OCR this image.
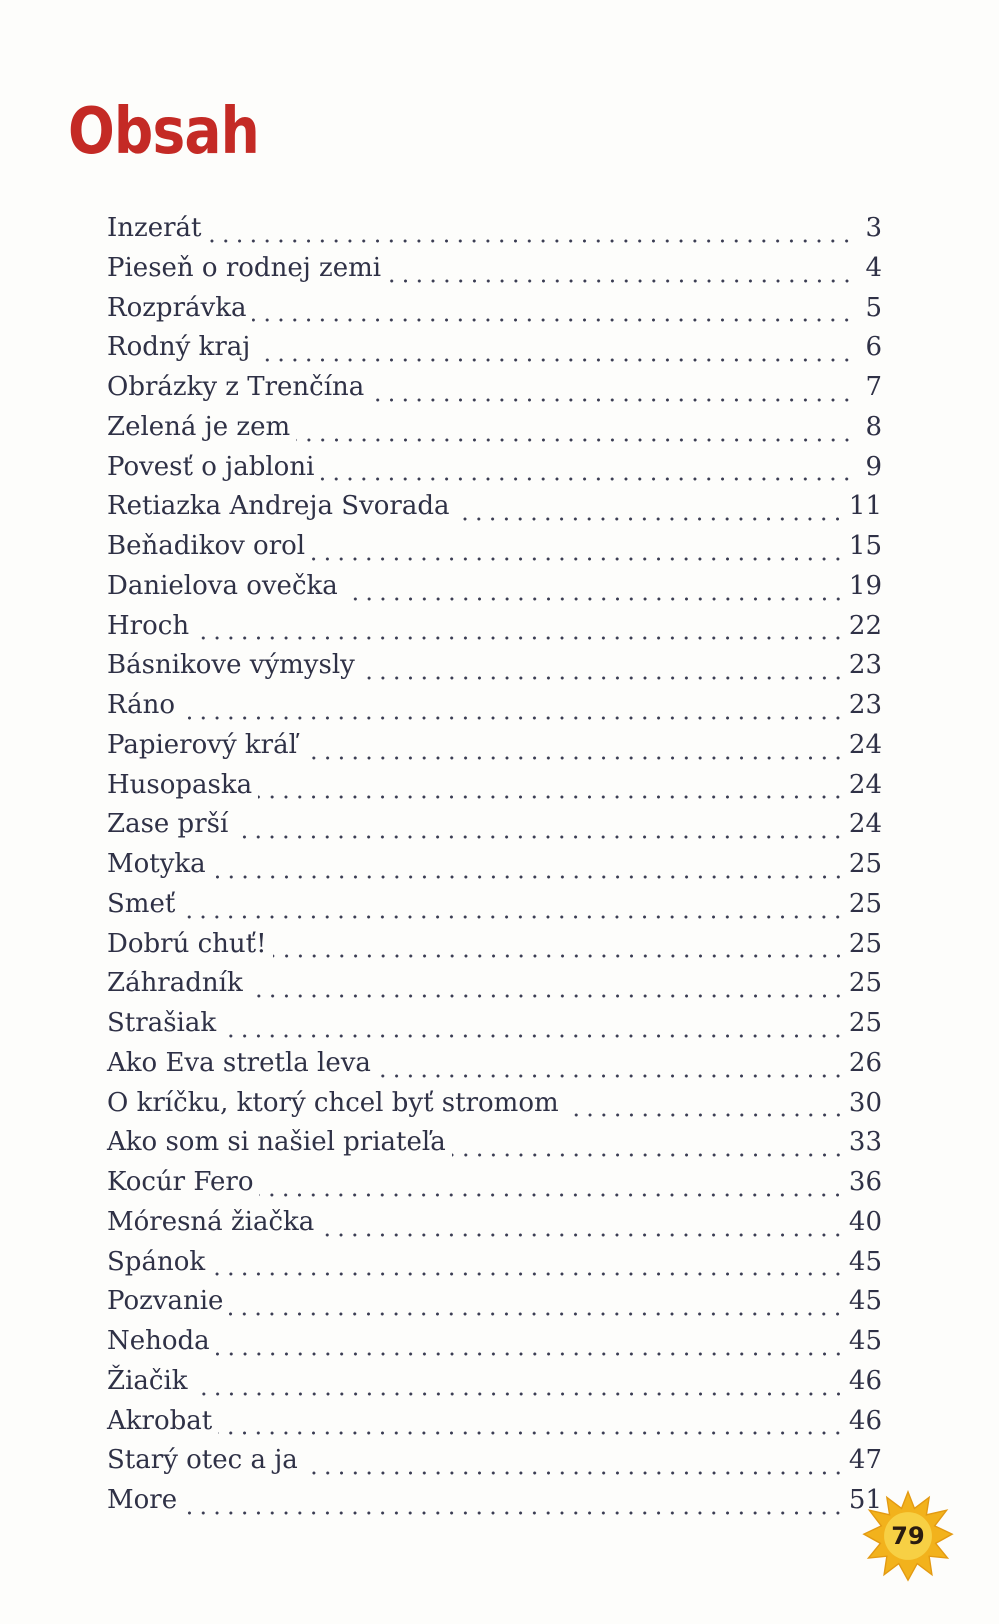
Obsah
Inzerát	3
Pieseň o rodnej zemi	4
Rozprávka	5
Rodný kraj	6
Obrázky z Trenčína	7
Zelená je zem	8
Povesť o jabloni	9
Retiazka Andreja Svorada	11
Beňadikov orol	15
Danielova ovečka	19
Hroch	22
Básnikove výmysly	23
Ráno	23
Papierový kráľ	24
Husopaska	24
Zase prší	24
Motyka	25
Smeť	25
Dobrú chuť!	25
Záhradník	25
Strašiak	25
Ako Eva stretla leva	26
O kríčku, ktorý chcel byť stromom	30
Ako som si našiel priateľa	33
Kocúr Fero	36
Móresná žiačka	40
Spánok	45
Pozvanie	45
Nehoda	45
Žiačik	46
Akrobat	46
Starý otec a ja	47
More	51
79
